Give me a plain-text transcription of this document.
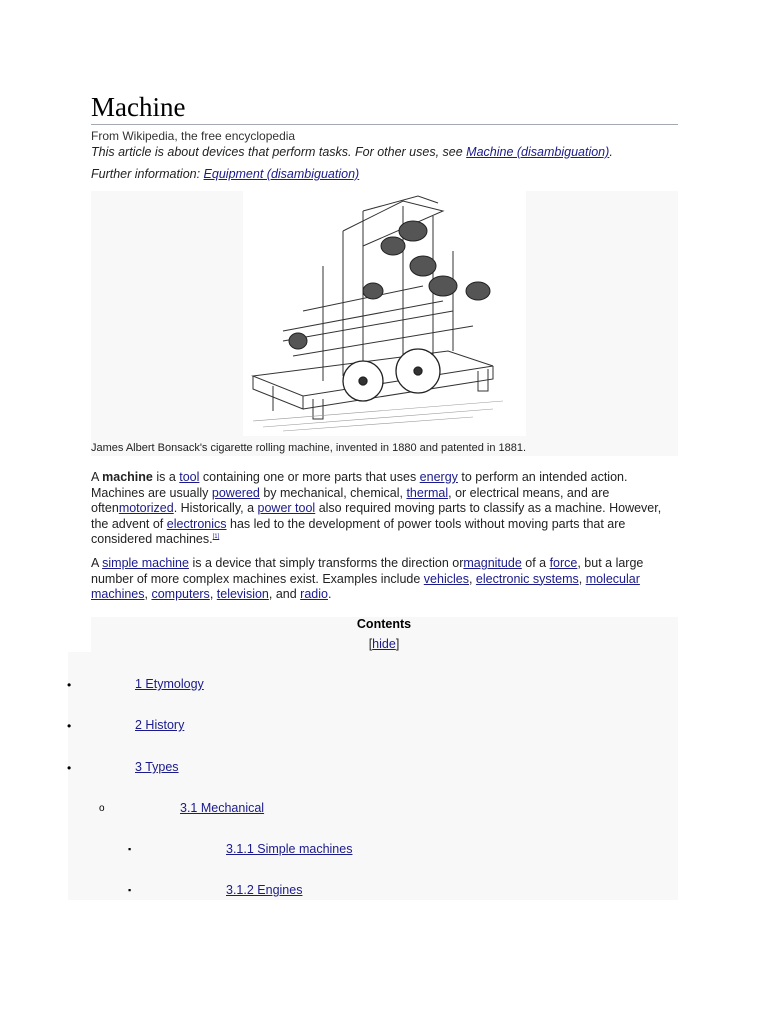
Machine
From Wikipedia, the free encyclopedia
This article is about devices that perform tasks. For other uses, see Machine (disambiguation).
Further information: Equipment (disambiguation)
James Albert Bonsack's cigarette rolling machine, invented in 1880 and patented in 1881.

A machine is a tool containing one or more parts that uses energy to perform an intended action. Machines are usually powered by mechanical, chemical, thermal, or electrical means, and are oftenmotorized. Historically, a power tool also required moving parts to classify as a machine. However, the advent of electronics has led to the development of power tools without moving parts that are considered machines.[1]

A simple machine is a device that simply transforms the direction ormagnitude of a force, but a large number of more complex machines exist. Examples include vehicles, electronic systems, molecular machines, computers, television, and radio.

Contents
[hide]
•	1 Etymology
•	2 History
•	3 Types
o	3.1 Mechanical
▪	3.1.1 Simple machines
▪	3.1.2 Engines
